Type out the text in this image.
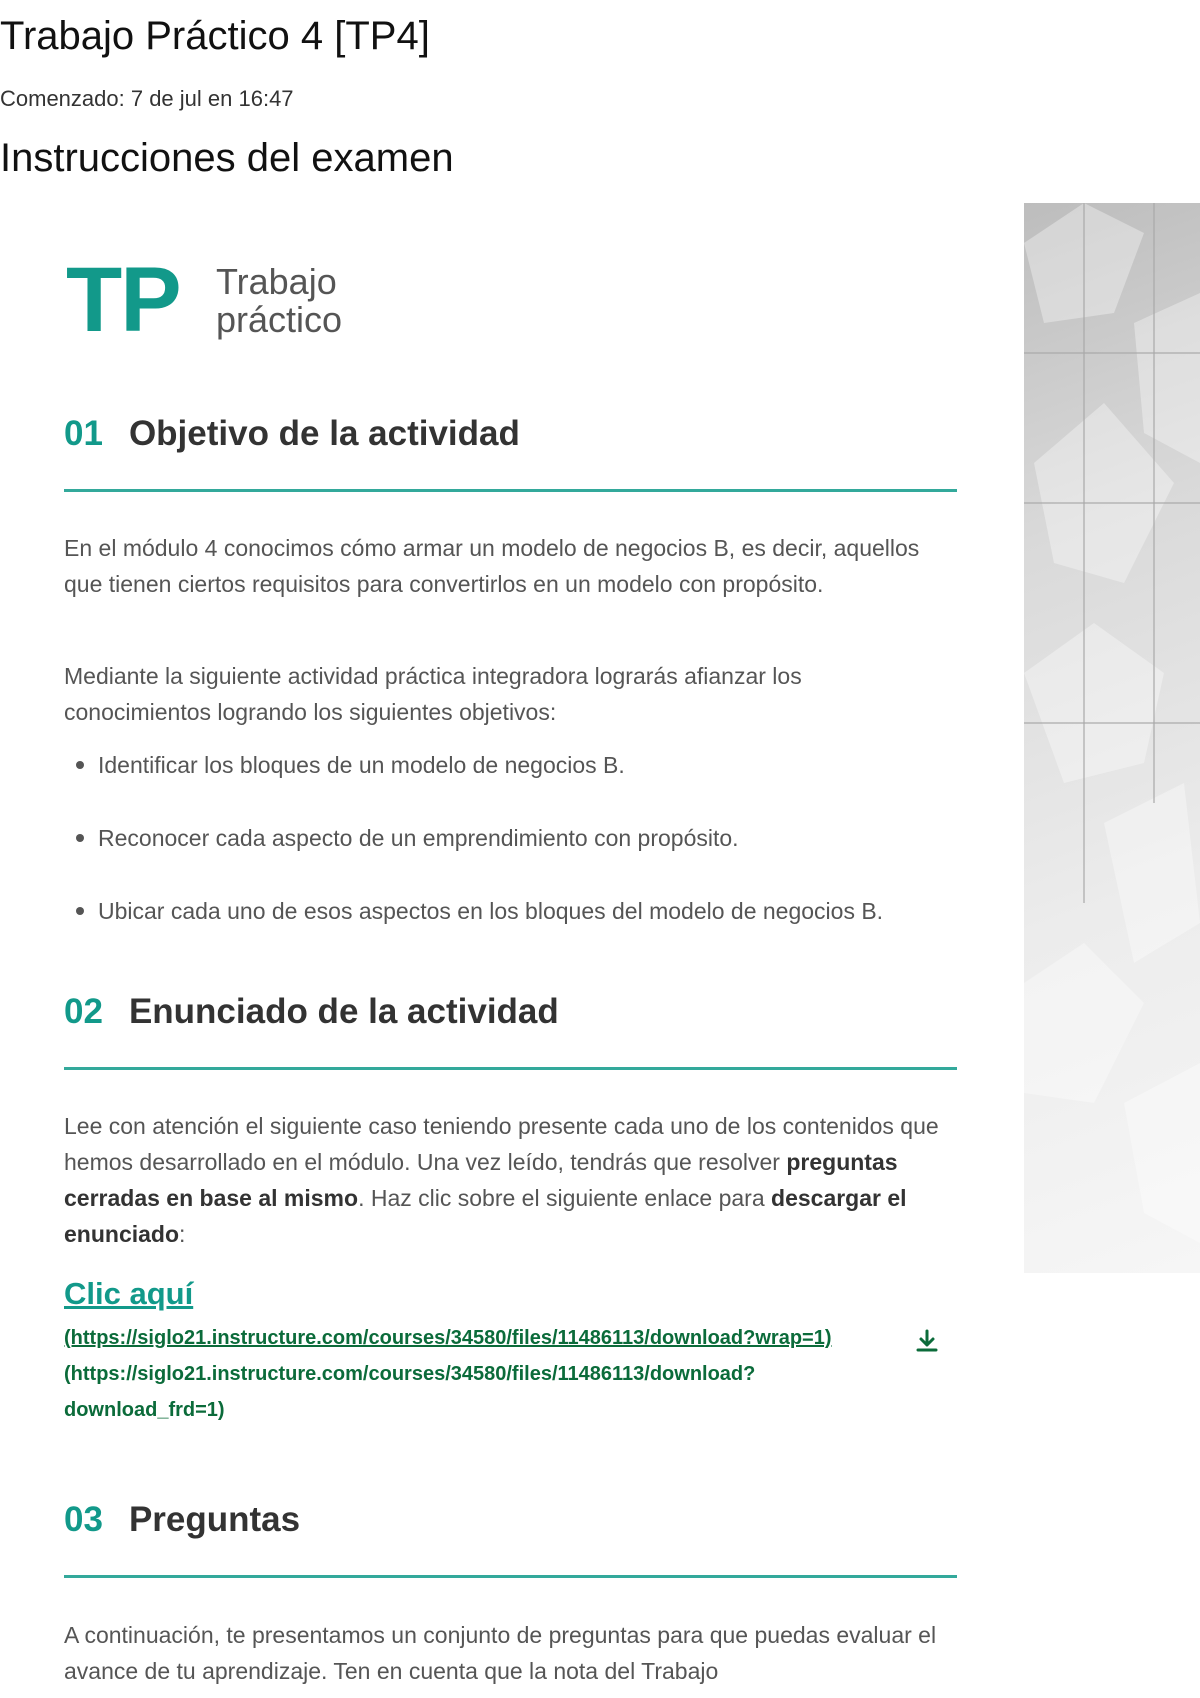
Trabajo Práctico 4 [TP4]
Comenzado: 7 de jul en 16:47
Instrucciones del examen
TP Trabajo
práctico
01 Objetivo de la actividad

En el módulo 4 conocimos cómo armar un modelo de negocios B, es decir, aquellos que tienen ciertos requisitos para convertirlos en un modelo con propósito.

Mediante la siguiente actividad práctica integradora lograrás afianzar los conocimientos logrando los siguientes objetivos:

Identificar los bloques de un modelo de negocios B.
Reconocer cada aspecto de un emprendimiento con propósito.
Ubicar cada uno de esos aspectos en los bloques del modelo de negocios B.
02 Enunciado de la actividad

Lee con atención el siguiente caso teniendo presente cada uno de los contenidos que hemos desarrollado en el módulo. Una vez leído, tendrás que resolver preguntas cerradas en base al mismo. Haz clic sobre el siguiente enlace para descargar el enunciado:

Clic aquí
(https://siglo21.instructure.com/courses/34580/files/11486113/download?wrap=1)
(https://siglo21.instructure.com/courses/34580/files/11486113/download?
download_frd=1)
03 Preguntas

A continuación, te presentamos un conjunto de preguntas para que puedas evaluar el avance de tu aprendizaje. Ten en cuenta que la nota del Trabajo
